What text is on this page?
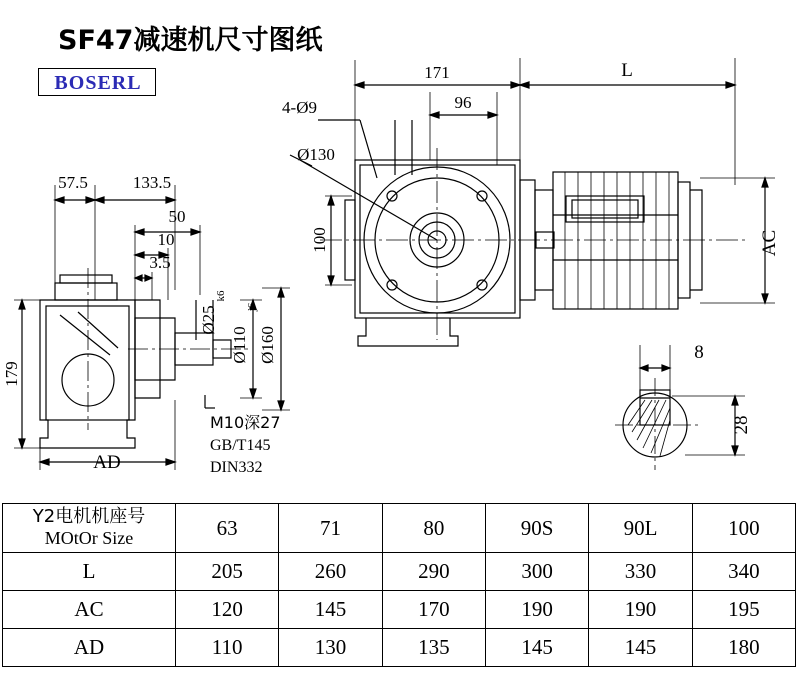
SF47减速机尺寸图纸
BOSERL	171	L
96
4-Ø9
Ø130
57.5	133.5
50
10
3.5
8
100	AC
179
Ø110 Ø160
Ø25
k6
j6
28
AD
M10深27
GB/T145
DIN332
Y2电机机座号
MOtOr Size	63	71	80	90S	90L	100
L	205	260	290	300	330	340
AC	120	145	170	190	190	195
AD	110	130	135	145	145	180
